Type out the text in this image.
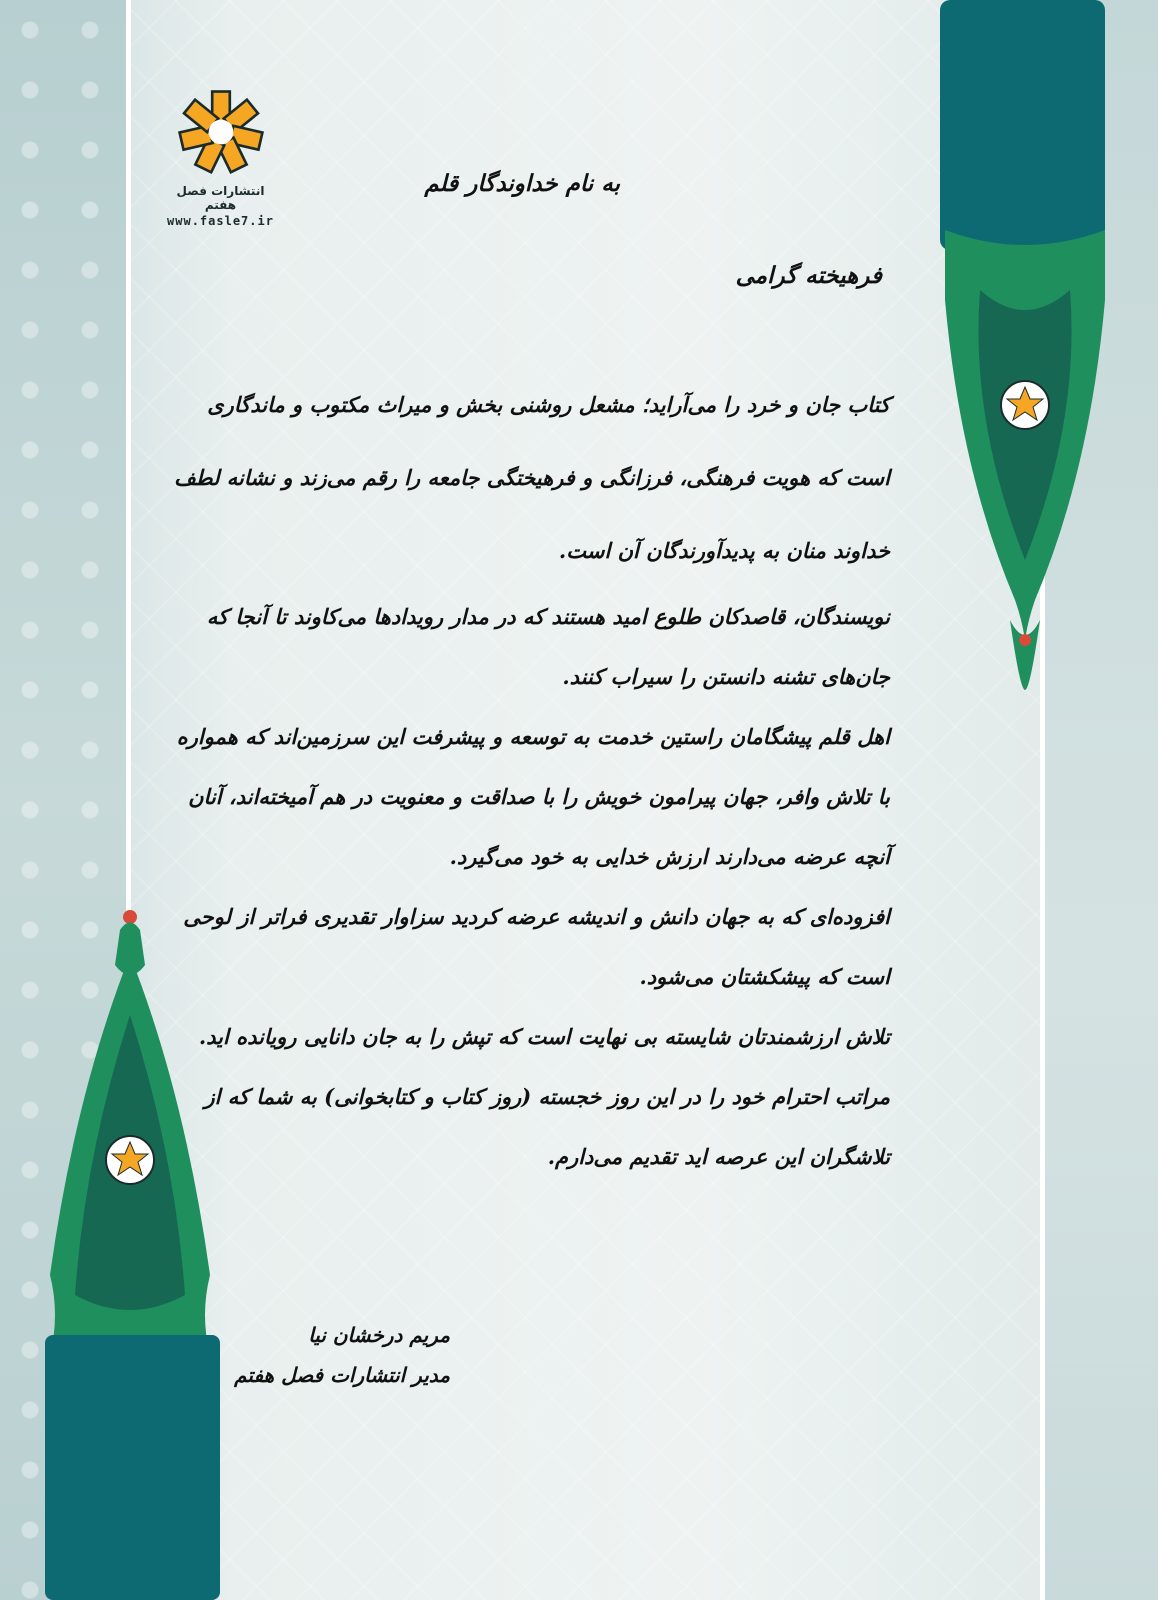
انتشارات فصل هفتم
www.fasle7.ir
به نام خداوندگار قلم
فرهیخته گرامی

کتاب جان و خرد را می‌آراید؛ مشعل روشنی بخش و میراث مکتوب و ماندگاری است که هویت فرهنگی، فرزانگی و فرهیختگی جامعه را رقم می‌زند و نشانه لطف خداوند منان به پدیدآورندگان آن است.

نویسندگان، قاصدکان طلوع امید هستند که در مدار رویدادها می‌کاوند تا آنجا که جان‌های تشنه دانستن را سیراب کنند.

اهل قلم پیشگامان راستین خدمت به توسعه و پیشرفت این سرزمین‌اند که همواره با تلاش وافر، جهان پیرامون خویش را با صداقت و معنویت در هم آمیخته‌اند، آنان آنچه عرضه می‌دارند ارزش خدایی به خود می‌گیرد.

افزوده‌ای که به جهان دانش و اندیشه عرضه کردید سزاوار تقدیری فراتر از لوحی است که پیشکشتان می‌شود.

تلاش ارزشمندتان شایسته بی نهایت است که تپش را به جان دانایی رویانده اید.

مراتب احترام خود را در این روز خجسته (روز کتاب و کتابخوانی) به شما که از تلاشگران این عرصه اید تقدیم می‌دارم.

مریم درخشان نیا
مدیر انتشارات فصل هفتم
